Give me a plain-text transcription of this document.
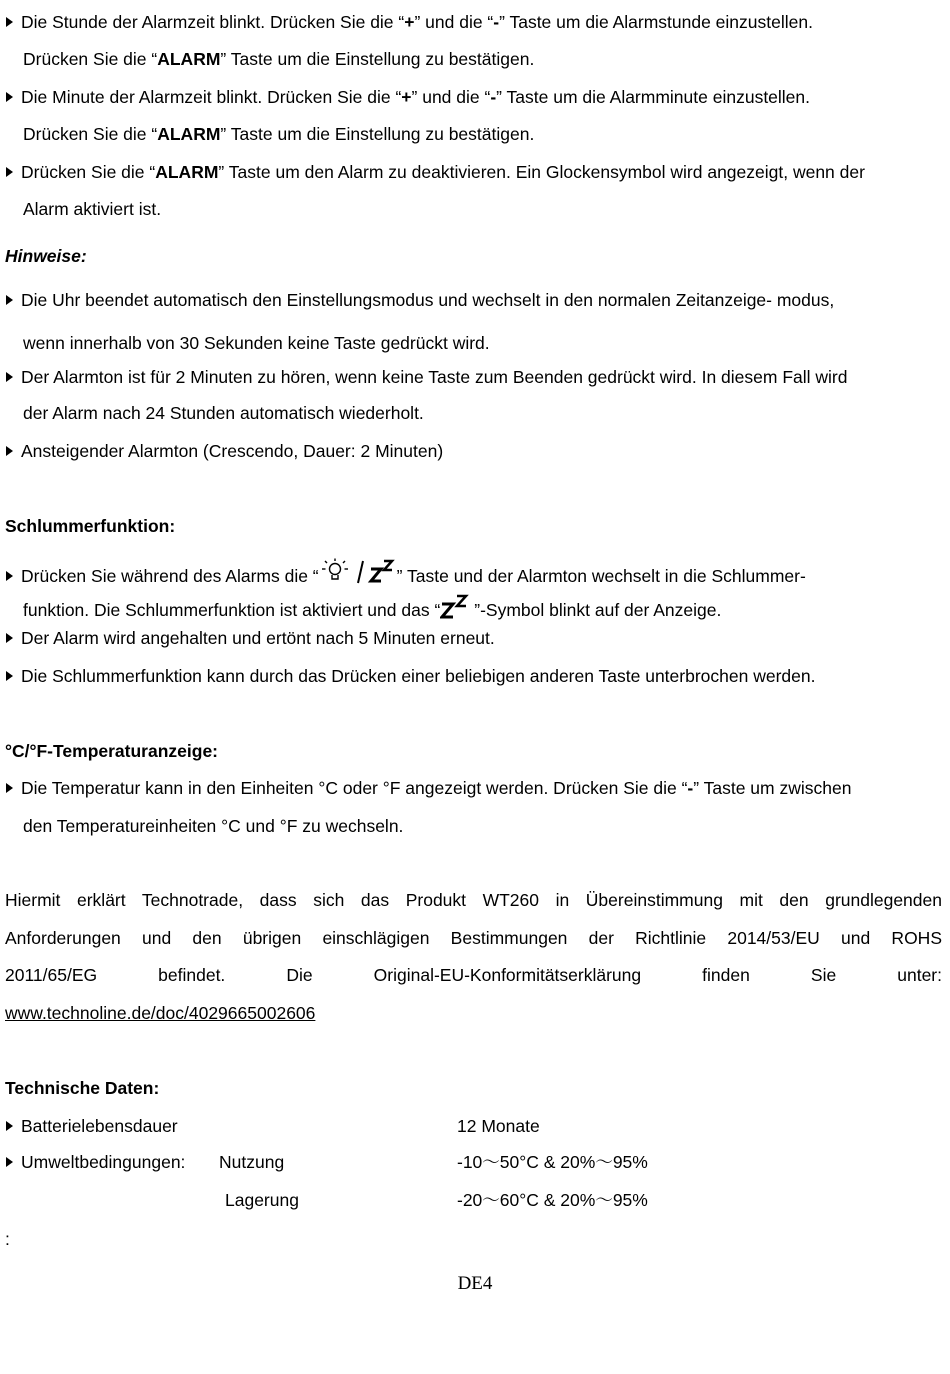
Die Stunde der Alarmzeit blinkt. Drücken Sie die “+” und die “-” Taste um die Alarmstunde einzustellen.
Drücken Sie die “ALARM” Taste um die Einstellung zu bestätigen.
Die Minute der Alarmzeit blinkt. Drücken Sie die “+” und die “-” Taste um die Alarmminute einzustellen.
Drücken Sie die “ALARM” Taste um die Einstellung zu bestätigen.
Drücken Sie die “ALARM” Taste um den Alarm zu deaktivieren. Ein Glockensymbol wird angezeigt, wenn der
Alarm aktiviert ist.
Hinweise:
Die Uhr beendet automatisch den Einstellungsmodus und wechselt in den normalen Zeitanzeige- modus,
wenn innerhalb von 30 Sekunden keine Taste gedrückt wird.
Der Alarmton ist für 2 Minuten zu hören, wenn keine Taste zum Beenden gedrückt wird. In diesem Fall wird
der Alarm nach 24 Stunden automatisch wiederholt.
Ansteigender Alarmton (Crescendo, Dauer: 2 Minuten)
Schlummerfunktion:
Drücken Sie während des Alarms die “	” Taste und der Alarmton wechselt in die Schlummer-
funktion. Die Schlummerfunktion ist aktiviert und das “ ”-Symbol blinkt auf der Anzeige.
Der Alarm wird angehalten und ertönt nach 5 Minuten erneut.
Die Schlummerfunktion kann durch das Drücken einer beliebigen anderen Taste unterbrochen werden.
°C/°F-Temperaturanzeige:
Die Temperatur kann in den Einheiten °C oder °F angezeigt werden. Drücken Sie die “-” Taste um zwischen
den Temperatureinheiten °C und °F zu wechseln.
Hiermit erklärt Technotrade, dass sich das Produkt WT260 in Übereinstimmung mit den grundlegenden
Anforderungen und den übrigen einschlägigen Bestimmungen der Richtlinie 2014/53/EU und ROHS
2011/65/EG befindet. Die Original-EU-Konformitätserklärung finden Sie unter:
www.technoline.de/doc/4029665002606
Technische Daten:
Batterielebensdauer	12 Monate
Umweltbedingungen:	Nutzung	-10～50°C & 20%～95%
Lagerung	-20～60°C & 20%～95%
:
DE4
